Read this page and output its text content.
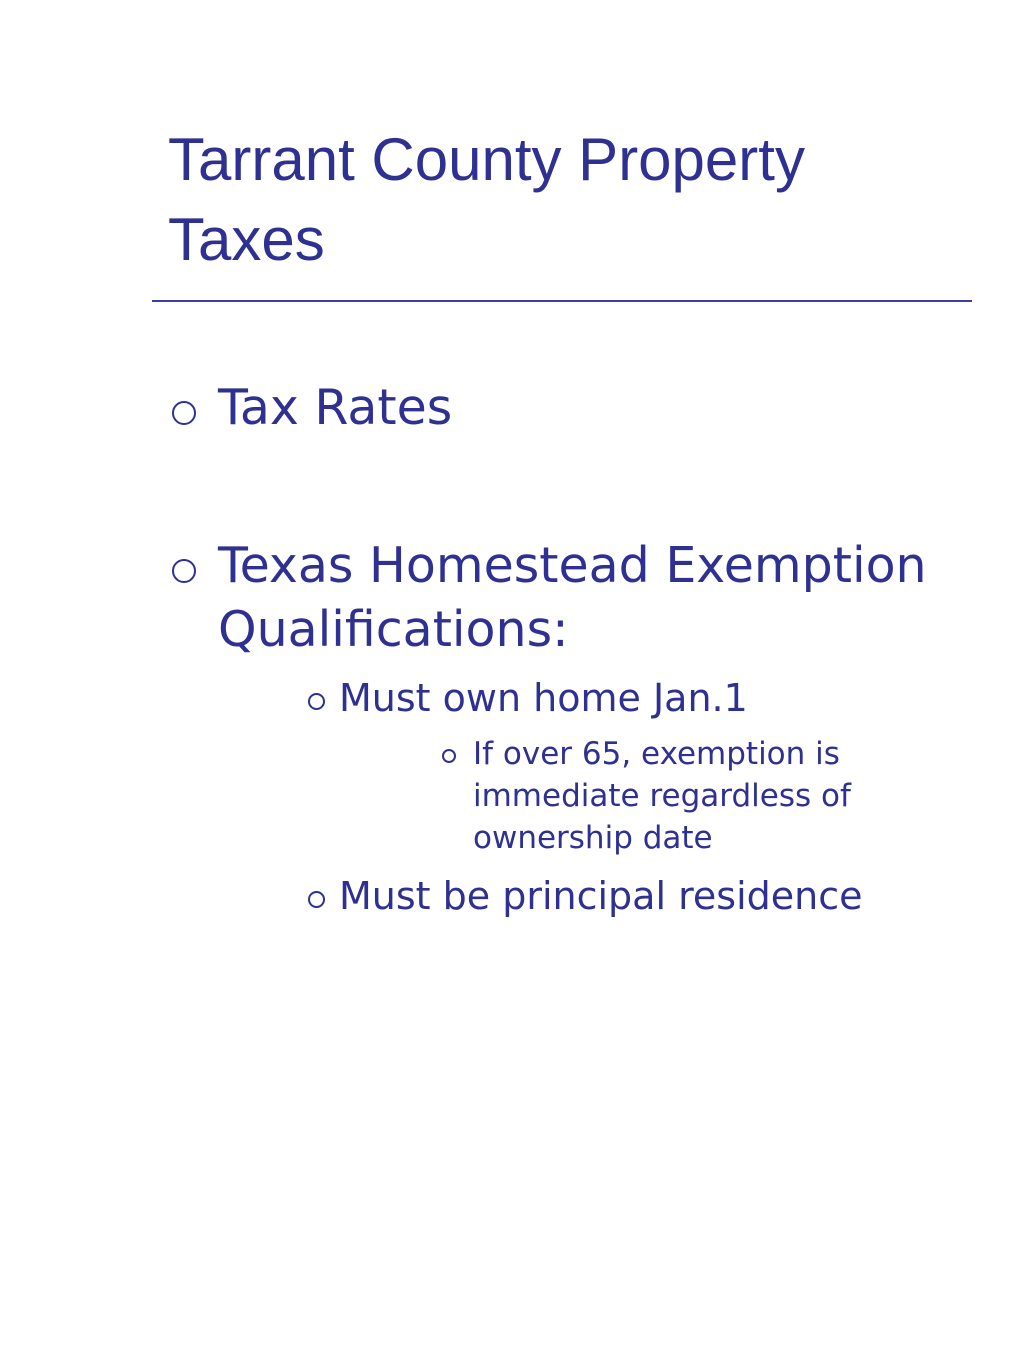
Tarrant County Property Taxes
Tax Rates
Texas Homestead Exemption Qualifications:
Must own home Jan.1
If over 65, exemption is immediate regardless of ownership date
Must be principal residence
